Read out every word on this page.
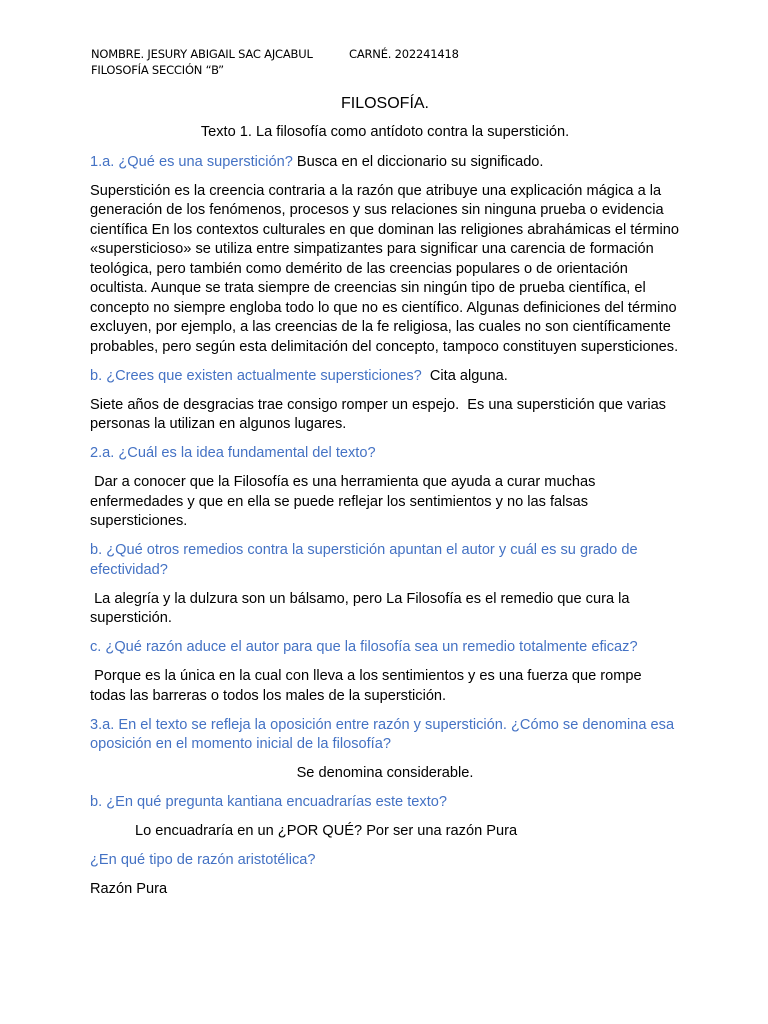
NOMBRE. JESURY ABIGAIL SAC AJCABUL	CARNÉ. 202241418
FILOSOFÍA SECCIÓN “B”
FILOSOFÍA.
Texto 1. La filosofía como antídoto contra la superstición.

1.a. ¿Qué es una superstición? Busca en el diccionario su significado.

Superstición es la creencia contraria a la razón que atribuye una explicación mágica a la generación de los fenómenos, procesos y sus relaciones sin ninguna prueba o evidencia científica En los contextos culturales en que dominan las religiones abrahámicas el término «supersticioso» se utiliza entre simpatizantes para significar una carencia de formación teológica, pero también como demérito de las creencias populares o de orientación ocultista. Aunque se trata siempre de creencias sin ningún tipo de prueba científica, el concepto no siempre engloba todo lo que no es científico. Algunas definiciones del término excluyen, por ejemplo, a las creencias de la fe religiosa, las cuales no son científicamente probables, pero según esta delimitación del concepto, tampoco constituyen supersticiones.

b. ¿Crees que existen actualmente supersticiones?  Cita alguna.

Siete años de desgracias trae consigo romper un espejo.  Es una superstición que varias personas la utilizan en algunos lugares.

2.a. ¿Cuál es la idea fundamental del texto?

Dar a conocer que la Filosofía es una herramienta que ayuda a curar muchas enfermedades y que en ella se puede reflejar los sentimientos y no las falsas supersticiones.

b. ¿Qué otros remedios contra la superstición apuntan el autor y cuál es su grado de efectividad?

La alegría y la dulzura son un bálsamo, pero La Filosofía es el remedio que cura la superstición.

c. ¿Qué razón aduce el autor para que la filosofía sea un remedio totalmente eficaz?

Porque es la única en la cual con lleva a los sentimientos y es una fuerza que rompe todas las barreras o todos los males de la superstición.

3.a. En el texto se refleja la oposición entre razón y superstición. ¿Cómo se denomina esa oposición en el momento inicial de la filosofía?

Se denomina considerable.

b. ¿En qué pregunta kantiana encuadrarías este texto?

Lo encuadraría en un ¿POR QUÉ? Por ser una razón Pura

¿En qué tipo de razón aristotélica?

Razón Pura
